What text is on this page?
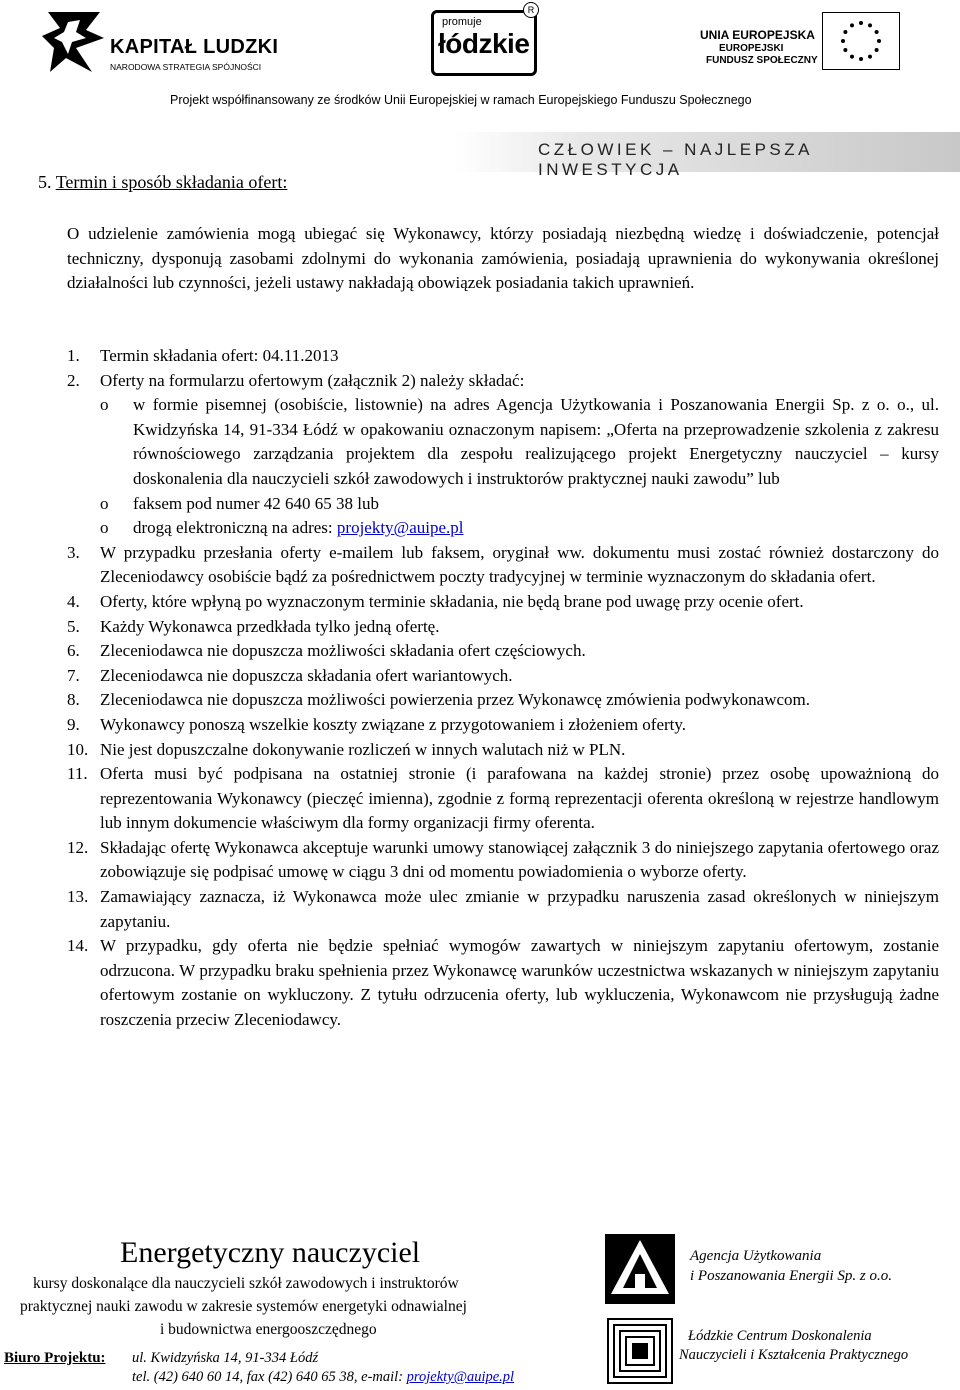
KAPITAŁ LUDZKI
NARODOWA STRATEGIA SPÓJNOŚCI
R
promuje
łódzkie	UNIA EUROPEJSKA
EUROPEJSKI
FUNDUSZ SPOŁECZNY
Projekt współfinansowany ze środków Unii Europejskiej w ramach Europejskiego Funduszu Społecznego
CZŁOWIEK – NAJLEPSZA INWESTYCJA
5. Termin i sposób składania ofert:
O udzielenie zamówienia mogą ubiegać się Wykonawcy, którzy posiadają niezbędną wiedzę i doświadczenie, potencjał techniczny, dysponują zasobami zdolnymi do wykonania zamówienia, posiadają uprawnienia do wykonywania określonej działalności lub czynności, jeżeli ustawy nakładają obowiązek posiadania takich uprawnień.
1. Termin składania ofert: 04.11.2013
2. Oferty na formularzu ofertowym (załącznik 2) należy składać:
o w formie pisemnej (osobiście, listownie) na adres Agencja Użytkowania i Poszanowania Energii Sp. z o. o., ul. Kwidzyńska 14, 91-334 Łódź w opakowaniu oznaczonym napisem: „Oferta na przeprowadzenie szkolenia z zakresu równościowego zarządzania projektem dla zespołu realizującego projekt Energetyczny nauczyciel – kursy doskonalenia dla nauczycieli szkół zawodowych i instruktorów praktycznej nauki zawodu” lub
o faksem pod numer 42 640 65 38 lub
o drogą elektroniczną na adres: projekty@auipe.pl
3. W przypadku przesłania oferty e-mailem lub faksem, oryginał ww. dokumentu musi zostać również dostarczony do Zleceniodawcy osobiście bądź za pośrednictwem poczty tradycyjnej w terminie wyznaczonym do składania ofert.
4. Oferty, które wpłyną po wyznaczonym terminie składania, nie będą brane pod uwagę przy ocenie ofert.
5. Każdy Wykonawca przedkłada tylko jedną ofertę.
6. Zleceniodawca nie dopuszcza możliwości składania ofert częściowych.
7. Zleceniodawca nie dopuszcza składania ofert wariantowych.
8. Zleceniodawca nie dopuszcza możliwości powierzenia przez Wykonawcę zmówienia podwykonawcom.
9. Wykonawcy ponoszą wszelkie koszty związane z przygotowaniem i złożeniem oferty.
10. Nie jest dopuszczalne dokonywanie rozliczeń w innych walutach niż w PLN.
11. Oferta musi być podpisana na ostatniej stronie (i parafowana na każdej stronie) przez osobę upoważnioną do reprezentowania Wykonawcy (pieczęć imienna), zgodnie z formą reprezentacji oferenta określoną w rejestrze handlowym lub innym dokumencie właściwym dla formy organizacji firmy oferenta.
12. Składając ofertę Wykonawca akceptuje warunki umowy stanowiącej załącznik 3 do niniejszego zapytania ofertowego oraz zobowiązuje się podpisać umowę w ciągu 3 dni od momentu powiadomienia o wyborze oferty.
13. Zamawiający zaznacza, iż Wykonawca może ulec zmianie w przypadku naruszenia zasad określonych w niniejszym zapytaniu.
14. W przypadku, gdy oferta nie będzie spełniać wymogów zawartych w niniejszym zapytaniu ofertowym, zostanie odrzucona. W przypadku braku spełnienia przez Wykonawcę warunków uczestnictwa wskazanych w niniejszym zapytaniu ofertowym zostanie on wykluczony. Z tytułu odrzucenia oferty, lub wykluczenia, Wykonawcom nie przysługują żadne roszczenia przeciw Zleceniodawcy.
Energetyczny nauczyciel
kursy doskonalące dla nauczycieli szkół zawodowych i instruktorów
praktycznej nauki zawodu w zakresie systemów energetyki odnawialnej
i budownictwa energooszczędnego
Biuro Projektu: ul. Kwidzyńska 14, 91-334 Łódź
tel. (42) 640 60 14, fax (42) 640 65 38, e-mail: projekty@auipe.pl
Agencja Użytkowania
i Poszanowania Energii Sp. z o.o.
Łódzkie Centrum Doskonalenia
Nauczycieli i Kształcenia Praktycznego
